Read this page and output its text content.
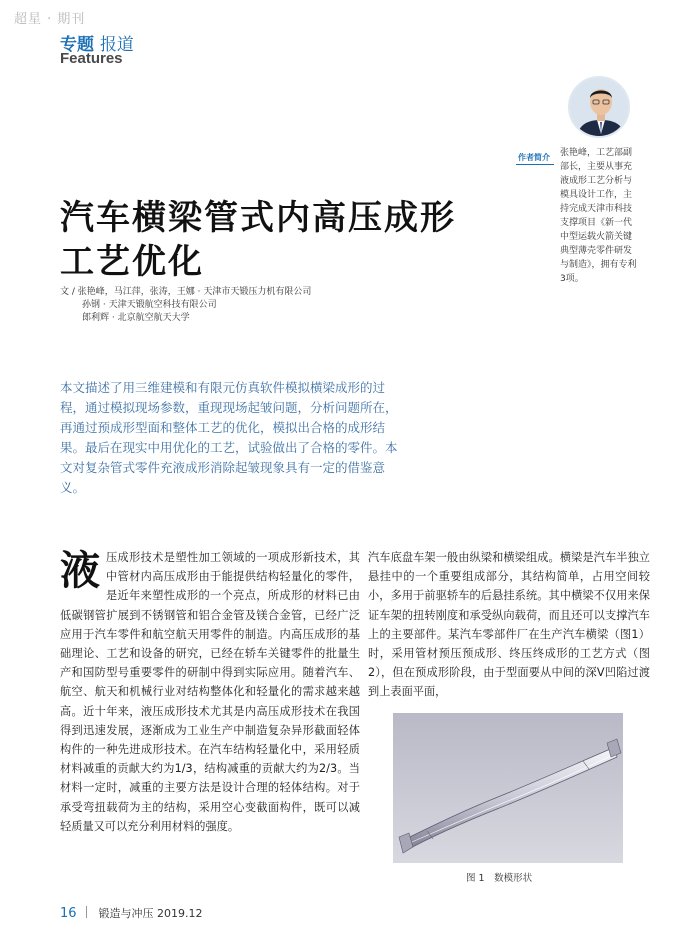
超星 · 期刊
专题 报道
Features
作者简介 张艳峰，工艺部副部长，主要从事充液成形工艺分析与模具设计工作，主持完成天津市科技支撑项目《新一代中型运载火箭关键典型薄壳零件研发与制造》，拥有专利3项。
汽车横梁管式内高压成形
工艺优化
文 / 张艳峰，马江萍，张涛，王娜 · 天津市天锻压力机有限公司
孙钢 · 天津天锻航空科技有限公司
郎利辉 · 北京航空航天大学
本文描述了用三维建模和有限元仿真软件模拟横梁成形的过程，通过模拟现场参数，重现现场起皱问题，分析问题所在，再通过预成形型面和整体工艺的优化，模拟出合格的成形结果。最后在现实中用优化的工艺，试验做出了合格的零件。本文对复杂管式零件充液成形消除起皱现象具有一定的借鉴意义。
液 压成形技术是塑性加工领域的一项成形新技术，其中管材内高压成形由于能提供结构轻量化的零件，是近年来塑性成形的一个亮点，所成形的材料已由低碳钢管扩展到不锈钢管和铝合金管及镁合金管，已经广泛应用于汽车零件和航空航天用零件的制造。内高压成形的基础理论、工艺和设备的研究，已经在轿车关键零件的批量生产和国防型号重要零件的研制中得到实际应用。随着汽车、航空、航天和机械行业对结构整体化和轻量化的需求越来越高。近十年来，液压成形技术尤其是内高压成形技术在我国得到迅速发展，逐渐成为工业生产中制造复杂异形截面轻体构件的一种先进成形技术。在汽车结构轻量化中，采用轻质材料减重的贡献大约为1/3，结构减重的贡献大约为2/3。当材料一定时，减重的主要方法是设计合理的轻体结构。对于承受弯扭载荷为主的结构，采用空心变截面构件，既可以减轻质量又可以充分利用材料的强度。
汽车底盘车架一般由纵梁和横梁组成。横梁是汽车半独立悬挂中的一个重要组成部分，其结构简单，占用空间较小，多用于前驱轿车的后悬挂系统。其中横梁不仅用来保证车架的扭转刚度和承受纵向载荷，而且还可以支撑汽车上的主要部件。某汽车零部件厂在生产汽车横梁（图1）时，采用管材预压预成形、终压终成形的工艺方式（图2），但在预成形阶段，由于型面要从中间的深V凹陷过渡到上表面平面，
图 1　数模形状
16 锻造与冲压 2019.12
